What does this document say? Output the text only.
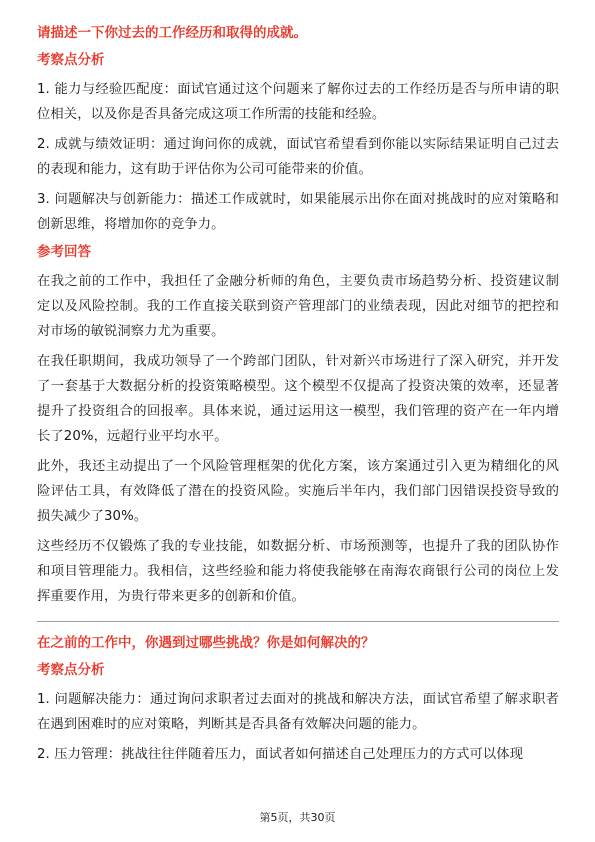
请描述一下你过去的工作经历和取得的成就。
考察点分析

1. 能力与经验匹配度：面试官通过这个问题来了解你过去的工作经历是否与所申请的职位相关，以及你是否具备完成这项工作所需的技能和经验。

2. 成就与绩效证明：通过询问你的成就，面试官希望看到你能以实际结果证明自己过去的表现和能力，这有助于评估你为公司可能带来的价值。

3. 问题解决与创新能力：描述工作成就时，如果能展示出你在面对挑战时的应对策略和创新思维，将增加你的竞争力。

参考回答

在我之前的工作中，我担任了金融分析师的角色，主要负责市场趋势分析、投资建议制定以及风险控制。我的工作直接关联到资产管理部门的业绩表现，因此对细节的把控和对市场的敏锐洞察力尤为重要。

在我任职期间，我成功领导了一个跨部门团队，针对新兴市场进行了深入研究，并开发了一套基于大数据分析的投资策略模型。这个模型不仅提高了投资决策的效率，还显著提升了投资组合的回报率。具体来说，通过运用这一模型，我们管理的资产在一年内增长了20%，远超行业平均水平。

此外，我还主动提出了一个风险管理框架的优化方案，该方案通过引入更为精细化的风险评估工具，有效降低了潜在的投资风险。实施后半年内，我们部门因错误投资导致的损失减少了30%。

这些经历不仅锻炼了我的专业技能，如数据分析、市场预测等，也提升了我的团队协作和项目管理能力。我相信，这些经验和能力将使我能够在南海农商银行公司的岗位上发挥重要作用，为贵行带来更多的创新和价值。

在之前的工作中，你遇到过哪些挑战？你是如何解决的？
考察点分析

1. 问题解决能力：通过询问求职者过去面对的挑战和解决方法，面试官希望了解求职者在遇到困难时的应对策略，判断其是否具备有效解决问题的能力。

2. 压力管理：挑战往往伴随着压力，面试者如何描述自己处理压力的方式可以体现

第5页，共30页
